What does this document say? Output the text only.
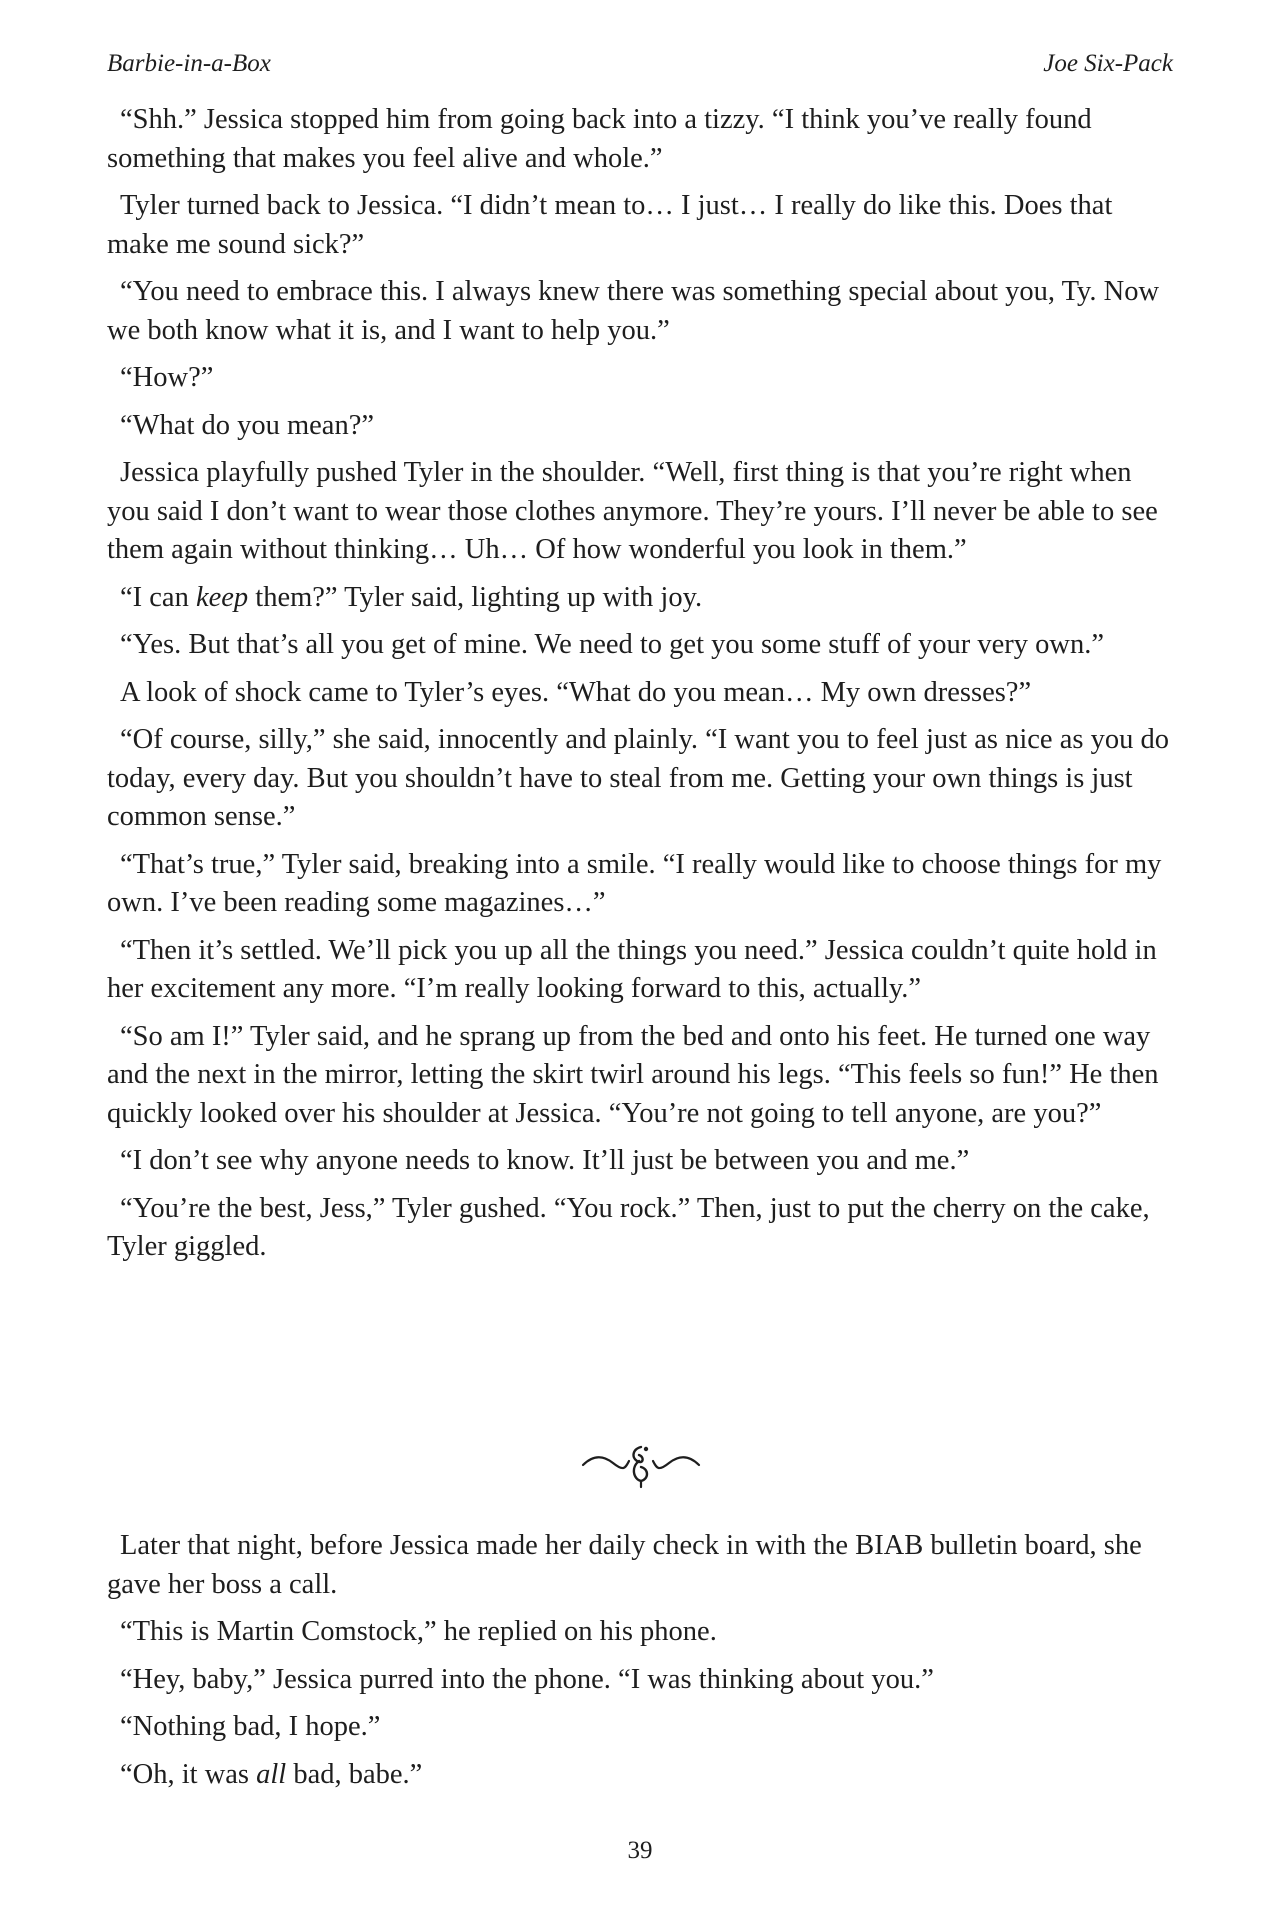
Barbie-in-a-Box	Joe Six-Pack

“Shh.” Jessica stopped him from going back into a tizzy. “I think you’ve really found something that makes you feel alive and whole.”

Tyler turned back to Jessica. “I didn’t mean to… I just… I really do like this. Does that make me sound sick?”

“You need to embrace this. I always knew there was something special about you, Ty. Now we both know what it is, and I want to help you.”

“How?”

“What do you mean?”

Jessica playfully pushed Tyler in the shoulder. “Well, first thing is that you’re right when you said I don’t want to wear those clothes anymore. They’re yours. I’ll never be able to see them again without thinking… Uh… Of how wonderful you look in them.”

“I can keep them?” Tyler said, lighting up with joy.

“Yes. But that’s all you get of mine. We need to get you some stuff of your very own.”

A look of shock came to Tyler’s eyes. “What do you mean… My own dresses?”

“Of course, silly,” she said, innocently and plainly. “I want you to feel just as nice as you do today, every day. But you shouldn’t have to steal from me. Getting your own things is just common sense.”

“That’s true,” Tyler said, breaking into a smile. “I really would like to choose things for my own. I’ve been reading some magazines…”

“Then it’s settled. We’ll pick you up all the things you need.” Jessica couldn’t quite hold in her excitement any more. “I’m really looking forward to this, actually.”

“So am I!” Tyler said, and he sprang up from the bed and onto his feet. He turned one way and the next in the mirror, letting the skirt twirl around his legs. “This feels so fun!” He then quickly looked over his shoulder at Jessica. “You’re not going to tell anyone, are you?”

“I don’t see why anyone needs to know. It’ll just be between you and me.”

“You’re the best, Jess,” Tyler gushed. “You rock.” Then, just to put the cherry on the cake, Tyler giggled.

Later that night, before Jessica made her daily check in with the BIAB bulletin board, she gave her boss a call.

“This is Martin Comstock,” he replied on his phone.

“Hey, baby,” Jessica purred into the phone. “I was thinking about you.”

“Nothing bad, I hope.”

“Oh, it was all bad, babe.”

39
